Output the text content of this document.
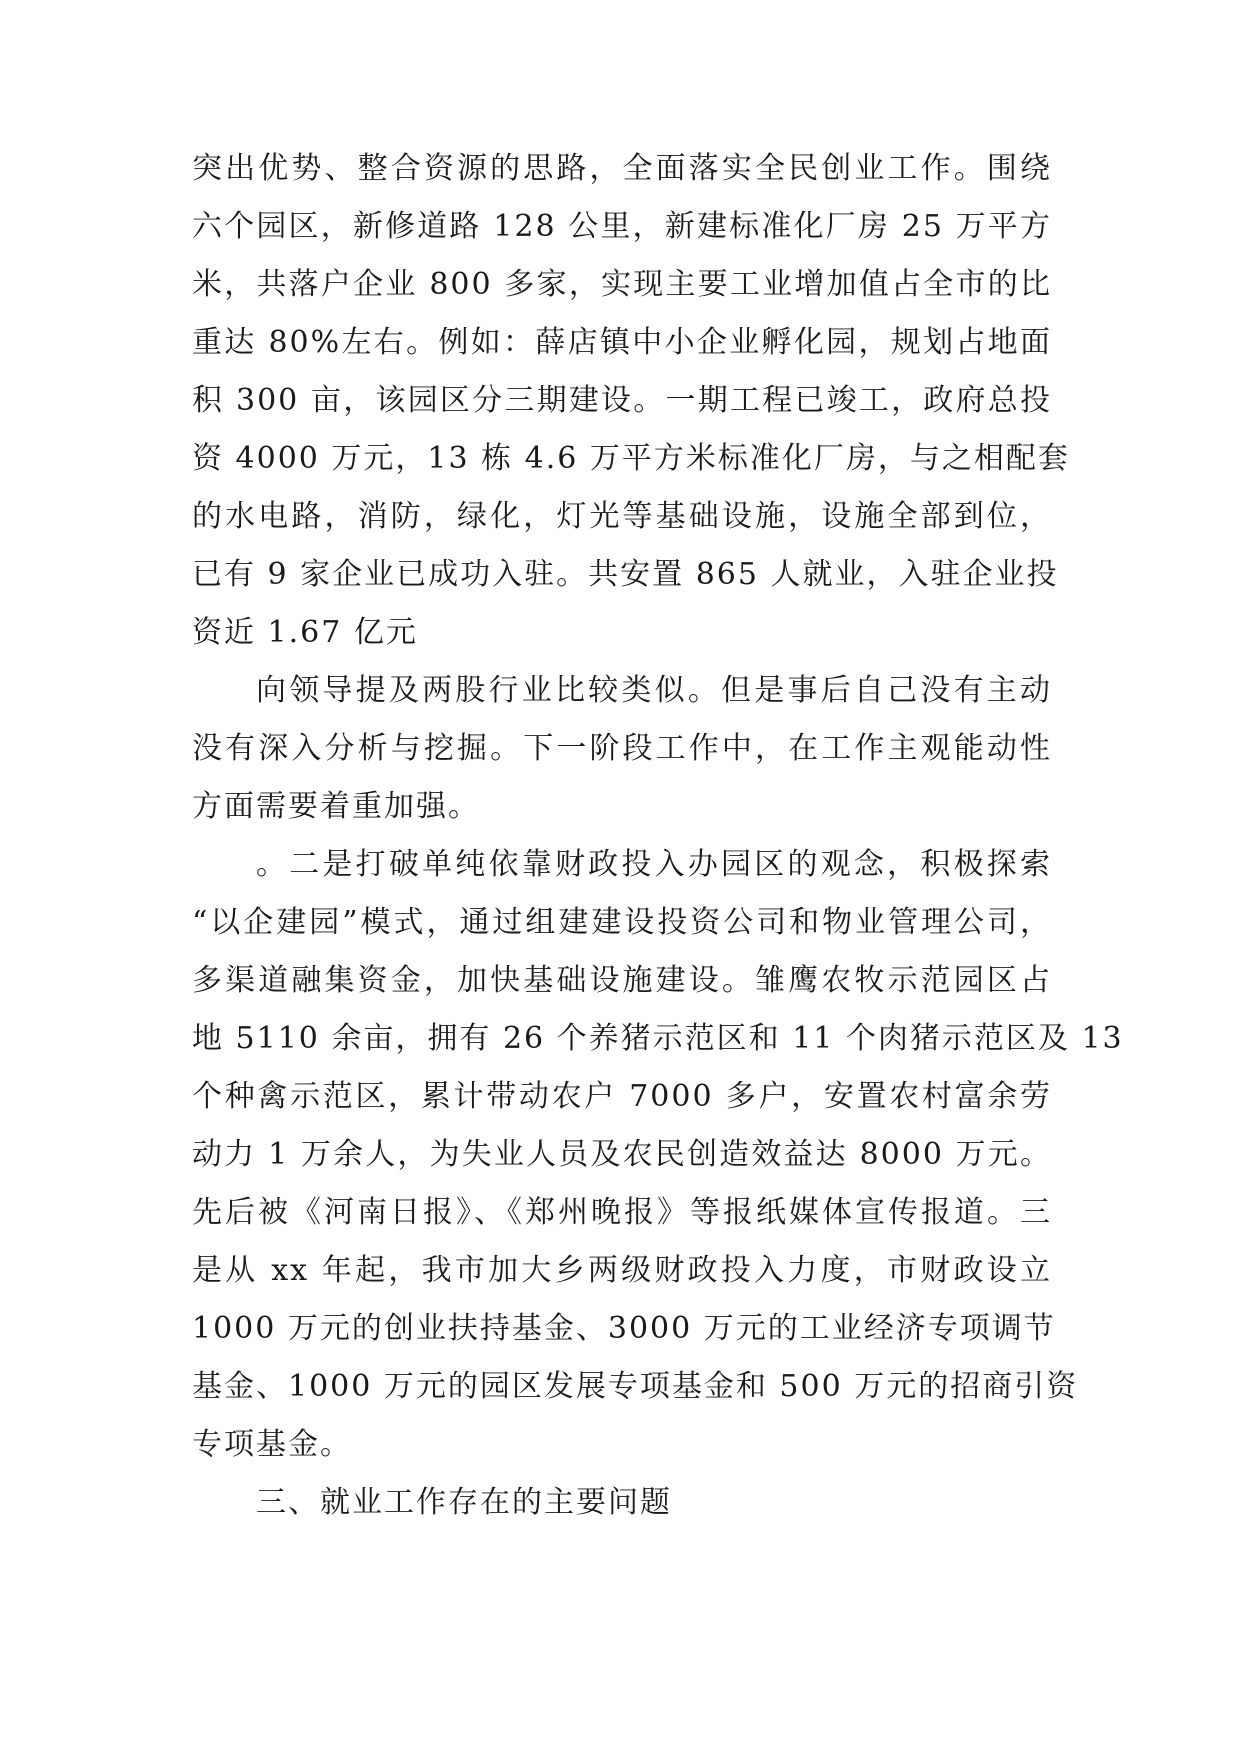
突出优势、整合资源的思路，全面落实全民创业工作。围绕
六个园区，新修道路 128 公里，新建标准化厂房 25 万平方
米，共落户企业 800 多家，实现主要工业增加值占全市的比
重达 80%左右。例如：薛店镇中小企业孵化园，规划占地面
积 300 亩，该园区分三期建设。一期工程已竣工，政府总投
资 4000 万元，13 栋 4.6 万平方米标准化厂房，与之相配套
的水电路，消防，绿化，灯光等基础设施，设施全部到位，
已有 9 家企业已成功入驻。共安置 865 人就业，入驻企业投
资近 1.67 亿元
向领导提及两股行业比较类似。但是事后自己没有主动
没有深入分析与挖掘。下一阶段工作中，在工作主观能动性
方面需要着重加强。
。二是打破单纯依靠财政投入办园区的观念，积极探索
“以企建园”模式，通过组建建设投资公司和物业管理公司，
多渠道融集资金，加快基础设施建设。雏鹰农牧示范园区占
地 5110 余亩，拥有 26 个养猪示范区和 11 个肉猪示范区及 13
个种禽示范区，累计带动农户 7000 多户，安置农村富余劳
动力 1 万余人，为失业人员及农民创造效益达 8000 万元。
先后被《河南日报》、《郑州晚报》等报纸媒体宣传报道。三
是从 xx 年起，我市加大乡两级财政投入力度，市财政设立
1000 万元的创业扶持基金、3000 万元的工业经济专项调节
基金、1000 万元的园区发展专项基金和 500 万元的招商引资
专项基金。
三、就业工作存在的主要问题
